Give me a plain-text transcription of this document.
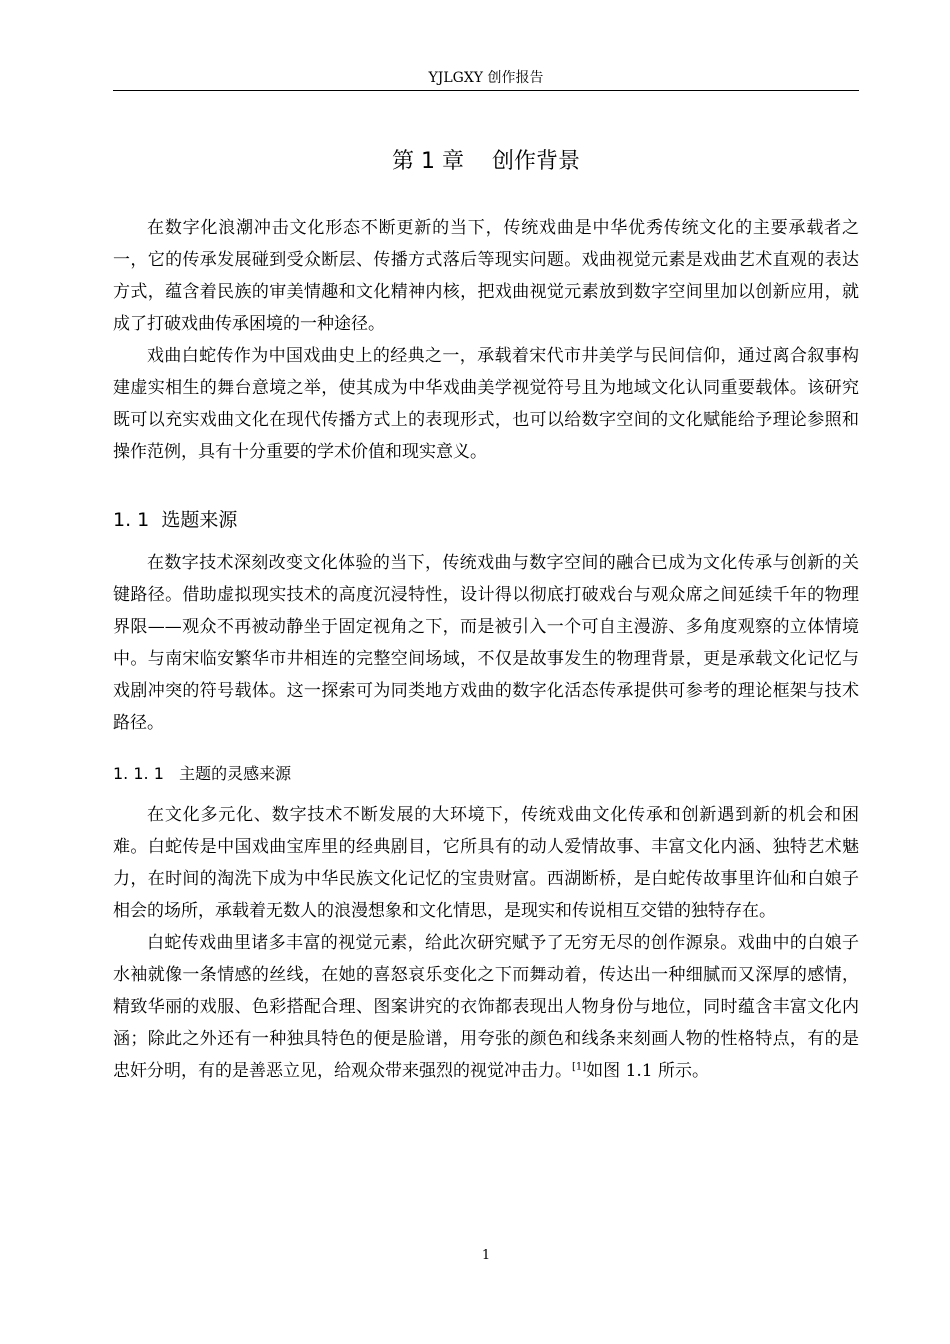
YJLGXY 创作报告
第 1 章    创作背景

在数字化浪潮冲击文化形态不断更新的当下，传统戏曲是中华优秀传统文化的主要承载者之一，它的传承发展碰到受众断层、传播方式落后等现实问题。戏曲视觉元素是戏曲艺术直观的表达方式，蕴含着民族的审美情趣和文化精神内核，把戏曲视觉元素放到数字空间里加以创新应用，就成了打破戏曲传承困境的一种途径。

戏曲白蛇传作为中国戏曲史上的经典之一，承载着宋代市井美学与民间信仰，通过离合叙事构建虚实相生的舞台意境之举，使其成为中华戏曲美学视觉符号且为地域文化认同重要载体。该研究既可以充实戏曲文化在现代传播方式上的表现形式，也可以给数字空间的文化赋能给予理论参照和操作范例，具有十分重要的学术价值和现实意义。

1. 1  选题来源

在数字技术深刻改变文化体验的当下，传统戏曲与数字空间的融合已成为文化传承与创新的关键路径。借助虚拟现实技术的高度沉浸特性，设计得以彻底打破戏台与观众席之间延续千年的物理界限——观众不再被动静坐于固定视角之下，而是被引入一个可自主漫游、多角度观察的立体情境中。与南宋临安繁华市井相连的完整空间场域，不仅是故事发生的物理背景，更是承载文化记忆与戏剧冲突的符号载体。这一探索可为同类地方戏曲的数字化活态传承提供可参考的理论框架与技术路径。

1. 1. 1   主题的灵感来源

在文化多元化、数字技术不断发展的大环境下，传统戏曲文化传承和创新遇到新的机会和困难。白蛇传是中国戏曲宝库里的经典剧目，它所具有的动人爱情故事、丰富文化内涵、独特艺术魅力，在时间的淘洗下成为中华民族文化记忆的宝贵财富。西湖断桥，是白蛇传故事里许仙和白娘子相会的场所，承载着无数人的浪漫想象和文化情思，是现实和传说相互交错的独特存在。

白蛇传戏曲里诸多丰富的视觉元素，给此次研究赋予了无穷无尽的创作源泉。戏曲中的白娘子水袖就像一条情感的丝线，在她的喜怒哀乐变化之下而舞动着，传达出一种细腻而又深厚的感情，精致华丽的戏服、色彩搭配合理、图案讲究的衣饰都表现出人物身份与地位，同时蕴含丰富文化内涵；除此之外还有一种独具特色的便是脸谱，用夸张的颜色和线条来刻画人物的性格特点，有的是忠奸分明，有的是善恶立见，给观众带来强烈的视觉冲击力。[1]如图 1.1 所示。

1
